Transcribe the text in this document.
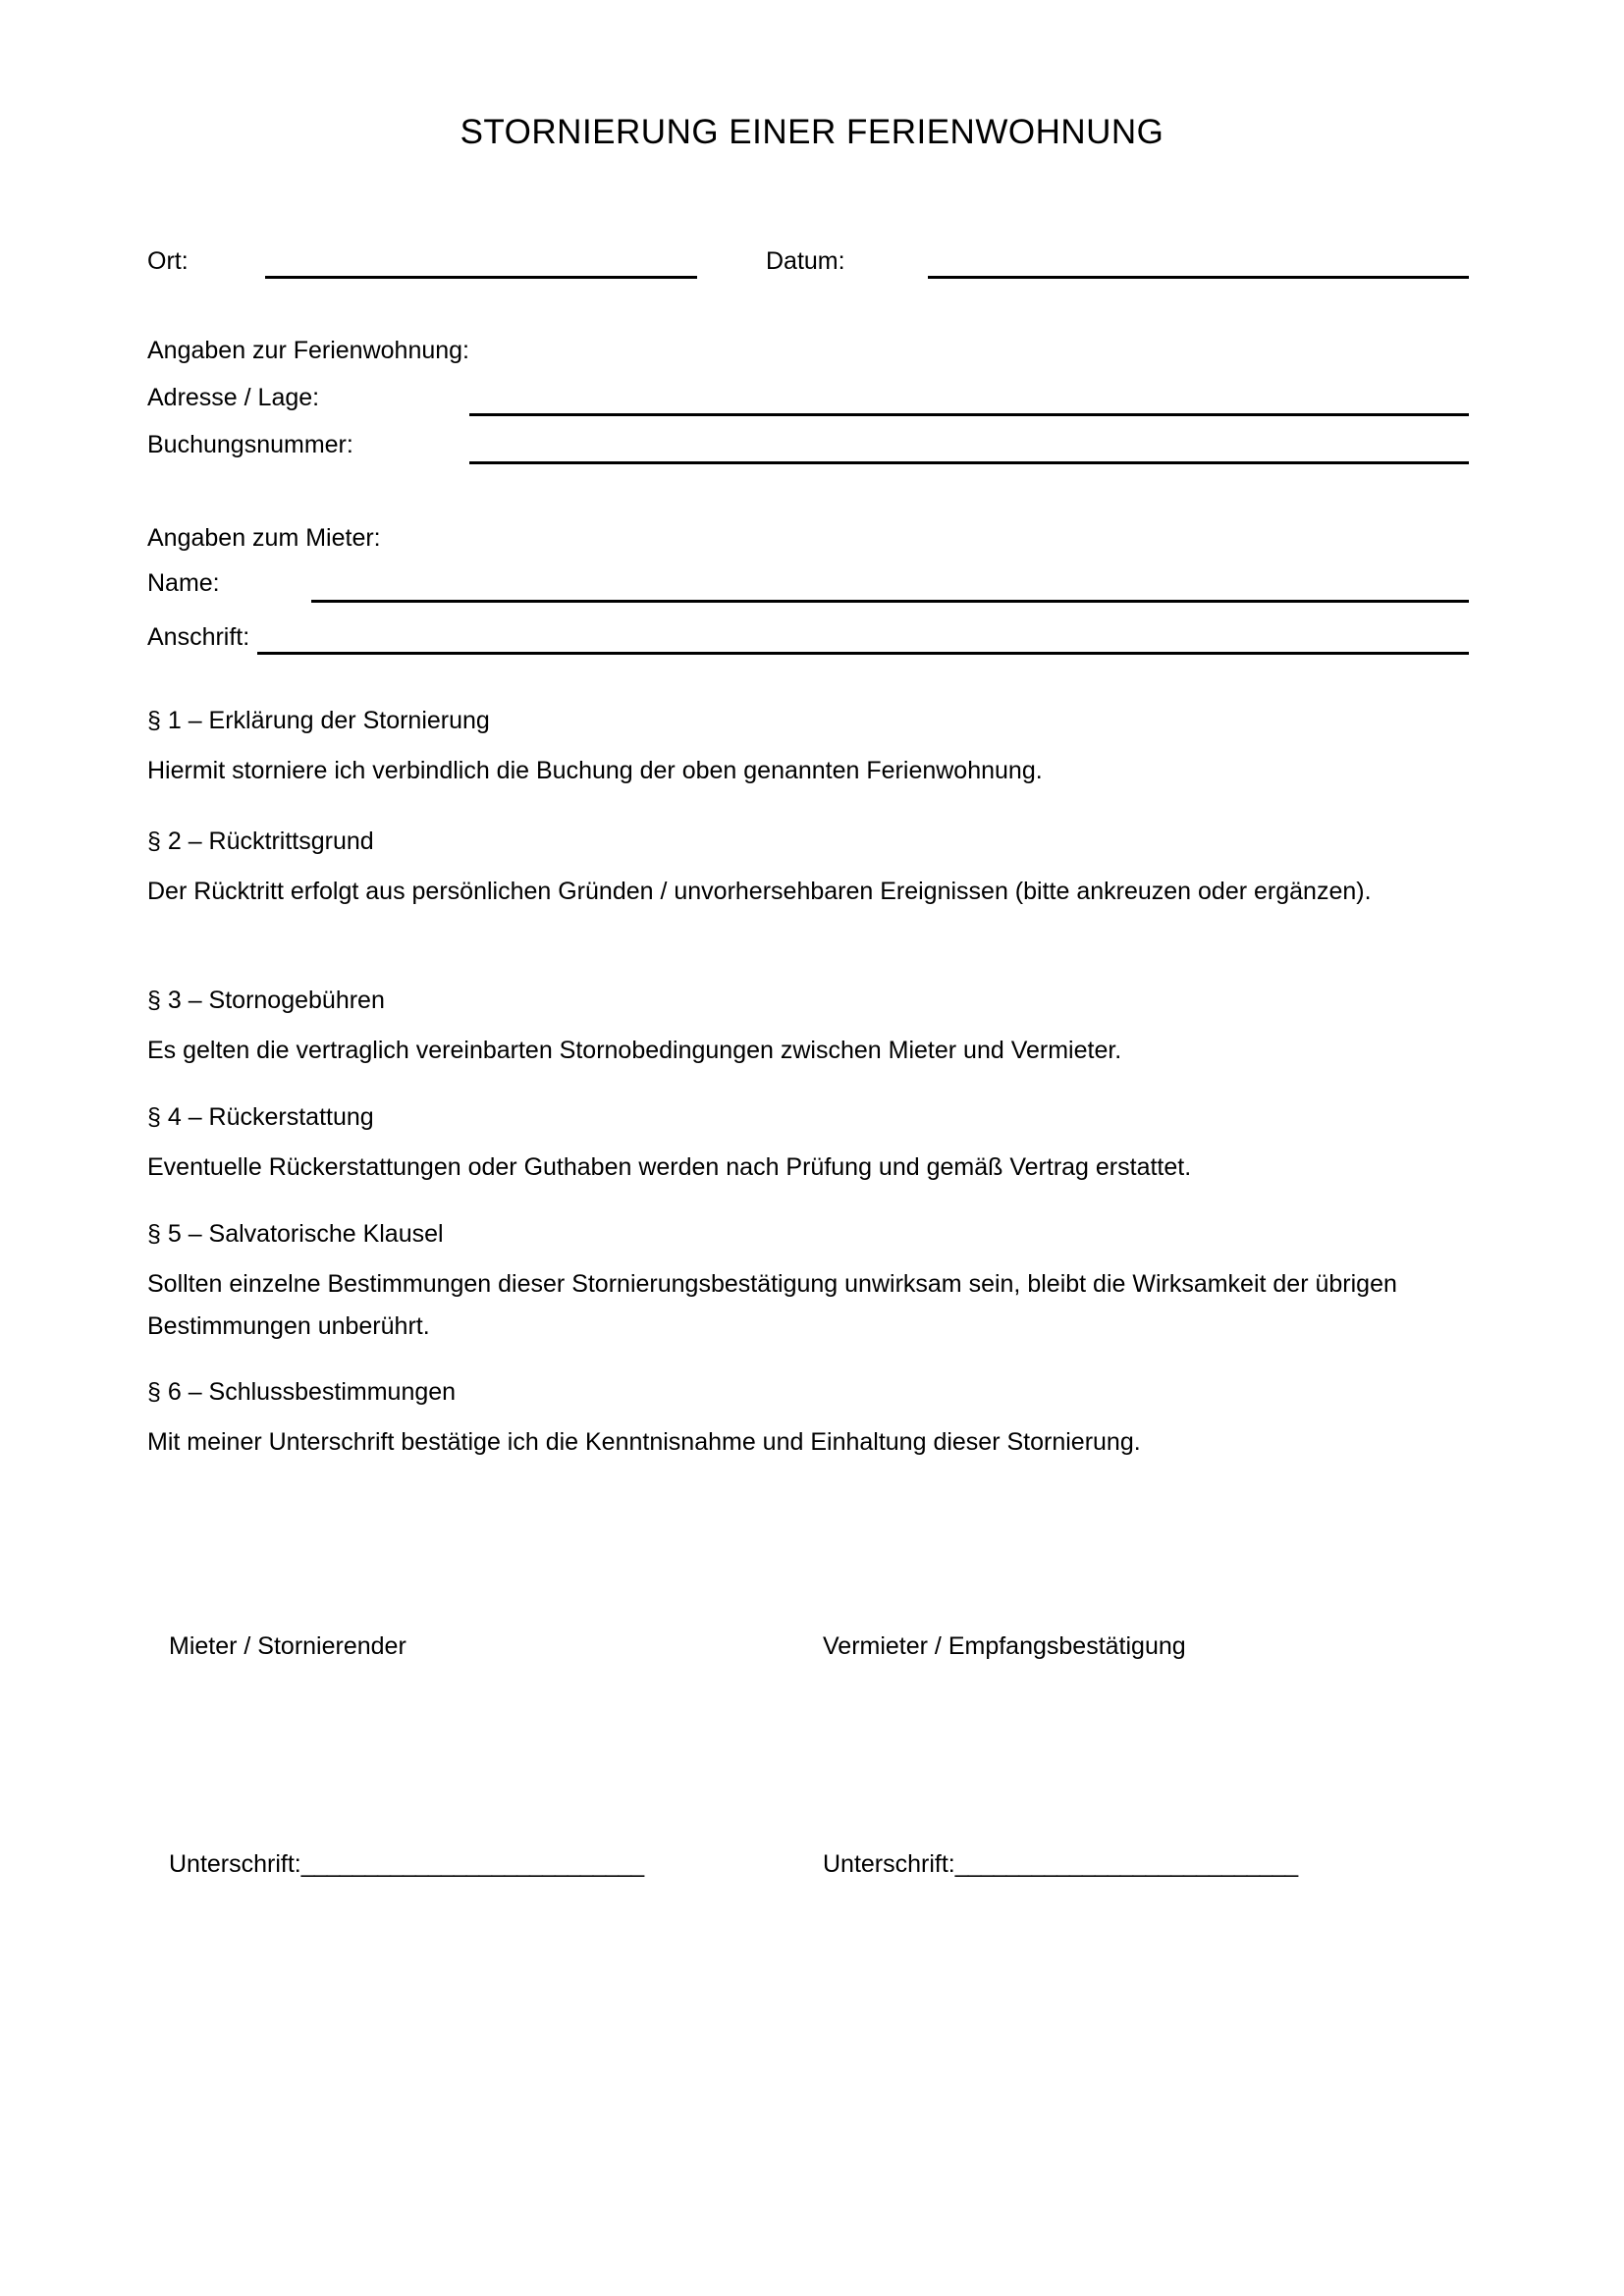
STORNIERUNG EINER FERIENWOHNUNG
Ort:	Datum:
Angaben zur Ferienwohnung:
Adresse / Lage:
Buchungsnummer:
Angaben zum Mieter:
Name:
Anschrift:

§ 1 – Erklärung der Stornierung

Hiermit storniere ich verbindlich die Buchung der oben genannten Ferienwohnung.

§ 2 – Rücktrittsgrund

Der Rücktritt erfolgt aus persönlichen Gründen / unvorhersehbaren Ereignissen (bitte ankreuzen oder ergänzen).

§ 3 – Stornogebühren

Es gelten die vertraglich vereinbarten Stornobedingungen zwischen Mieter und Vermieter.

§ 4 – Rückerstattung

Eventuelle Rückerstattungen oder Guthaben werden nach Prüfung und gemäß Vertrag erstattet.

§ 5 – Salvatorische Klausel

Sollten einzelne Bestimmungen dieser Stornierungsbestätigung unwirksam sein, bleibt die Wirksamkeit der übrigen Bestimmungen unberührt.

§ 6 – Schlussbestimmungen

Mit meiner Unterschrift bestätige ich die Kenntnisnahme und Einhaltung dieser Stornierung.

Mieter / Stornierender	Vermieter / Empfangsbestätigung
Unterschrift:___________________________	Unterschrift:___________________________
